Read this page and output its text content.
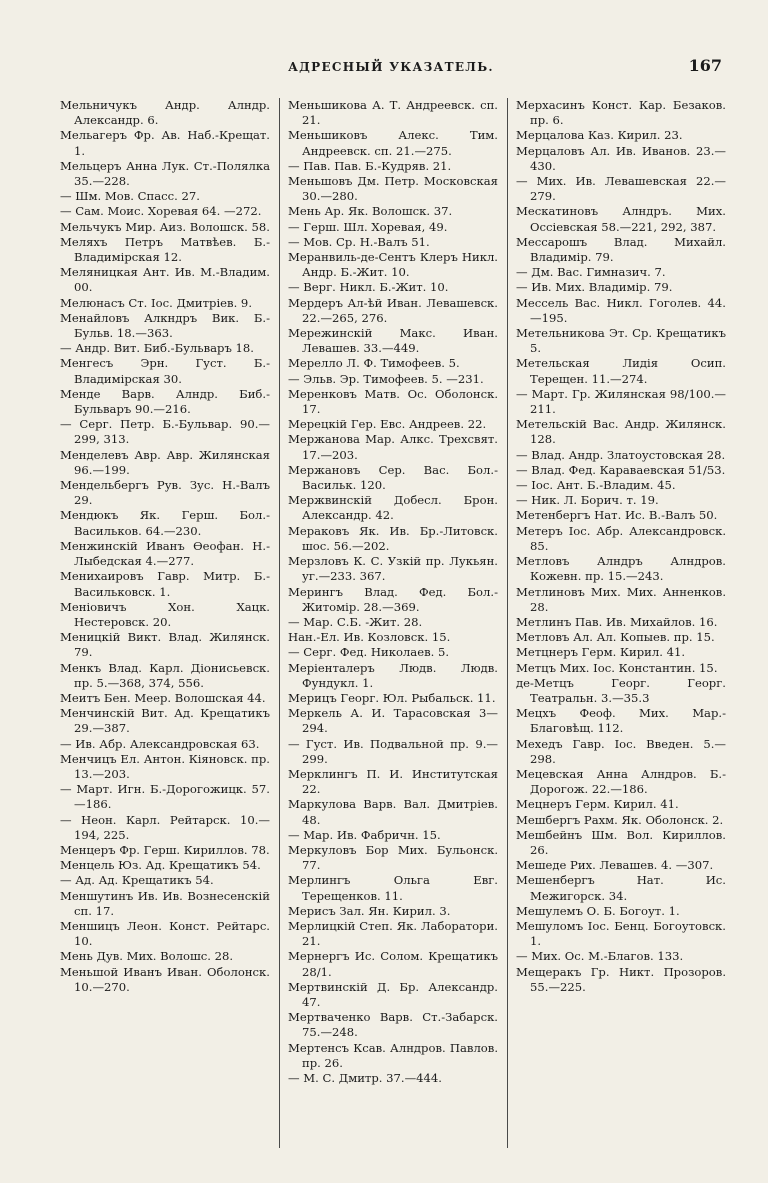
АДРЕСНЫЙ УКАЗАТЕЛЬ.	167

Мельничукъ Андр. Алндр. Александр. 6.

Мельагеръ Фр. Ав. Наб.-Крещат. 1.

Мельцеръ Анна Лук. Ст.-Полялка 35.—228.

— Шм. Мов. Спасс. 27.

— Сам. Моис. Хоревая 64. —272.

Мельчукъ Мир. Аиз. Волошск. 58.

Меляхъ Петръ Матвѣев. Б.-Владимірская 12.

Меляницкая Ант. Ив. М.-Владим. 00.

Мелюнасъ Ст. Іос. Дмитріев. 9.

Менайловъ Алкндръ Вик. Б.-Бульв. 18.—363.

— Андр. Вит. Биб.-Бульваръ 18.

Менгесъ Эрн. Густ. Б.-Владимірская 30.

Менде Варв. Алндр. Биб.-Бульваръ 90.—216.

— Серг. Петр. Б.-Бульвар. 90.—299, 313.

Менделевъ Авр. Авр. Жилянская 96.—199.

Мендельбергъ Рув. Зус. Н.-Валъ 29.

Мендюкъ Як. Герш. Бол.-Васильков. 64.—230.

Менжинскій Иванъ Өеофан. Н.-Лыбедская 4.—277.

Менихаировъ Гавр. Митр. Б.-Васильковск. 1.

Менiовичъ Хон. Хацк. Нестеровск. 20.

Меницкій Викт. Влад. Жилянск. 79.

Менкъ Влад. Карл. Діонисьевск. пр. 5.—368, 374, 556.

Меитъ Бен. Меер. Волошская 44.

Менчинскій Вит. Ад. Крещатикъ 29.—387.

— Ив. Абр. Александровская 63.

Менчицъ Ел. Антон. Кіяновск. пр. 13.—203.

— Март. Игн. Б.-Дорогожицк. 57.—186.

— Неон. Карл. Рейтарск. 10.—194, 225.

Менцеръ Фр. Герш. Кириллов. 78.

Менцель Юз. Ад. Крещатикъ 54.

— Ад. Ад. Крещатикъ 54.

Меншутинъ Ив. Ив. Вознесенскій сп. 17.

Меншицъ Леон. Конст. Рейтарс. 10.

Мень Дув. Мих. Волошс. 28.

Меньшой Иванъ Иван. Оболонск. 10.—270.

Меньшикова А. Т. Андреевск. сп. 21.

Меньшиковъ Алекс. Тим. Андреевск. сп. 21.—275.

— Пав. Пав. Б.-Кудряв. 21.

Меньшовъ Дм. Петр. Московская 30.—280.

Мень Ар. Як. Волошск. 37.

— Герш. Шл. Хоревая, 49.

— Мов. Ср. Н.-Валъ 51.

Меранвиль-де-Сентъ Клеръ Никл. Андр. Б.-Жит. 10.

— Верг. Никл. Б.-Жит. 10.

Мердеръ Ал-ѣй Иван. Левашевск. 22.—265, 276.

Мережинскій Макс. Иван. Левашев. 33.—449.

Мерелло Л. Ф. Тимофеев. 5.

— Эльв. Эр. Тимофеев. 5. —231.

Меренковъ Матв. Ос. Оболонск. 17.

Мерецкій Гер. Евс. Андреев. 22.

Мержанова Мар. Алкс. Трехсвят. 17.—203.

Мержановъ Сер. Вас. Бол.-Васильк. 120.

Мержвинскій Добесл. Брон. Александр. 42.

Мераковъ Як. Ив. Бр.-Литовск. шос. 56.—202.

Мерзловъ К. С. Узкій пр. Лукьян. уг.—233. 367.

Мерингъ Влад. Фед. Бол.-Житомір. 28.—369.

— Мар. С.Б. -Жит. 28.

Нан.-Ел. Ив. Козловск. 15.

— Серг. Фед. Николаев. 5.

Меріенталеръ Людв. Людв. Фундукл. 1.

Мерицъ Георг. Юл. Рыбальск. 11.

Меркель А. И. Тарасовская 3—294.

— Густ. Ив. Подвальной пр. 9.—299.

Мерклингъ П. И. Институтская 22.

Маркулова Варв. Вал. Дмитріев. 48.

— Мар. Ив. Фабричн. 15.

Меркуловъ Бор Мих. Бульонск. 77.

Мерлингъ Ольга Евг. Терещенков. 11.

Мерисъ Зал. Ян. Кирил. 3.

Мерлицкій Степ. Як. Лаборатори. 21.

Мернергъ Ис. Солом. Крещатикъ 28/1.

Мертвинскій Д. Бр. Александр. 47.

Мертваченко Варв. Ст.-Забарск. 75.—248.

Мертенсъ Ксав. Алндров. Павлов. пр. 26.

— М. С. Дмитр. 37.—444.

Мерхасинъ Конст. Кар. Безаков. пр. 6.

Мерцалова Каз. Кирил. 23.

Мерцаловъ Ал. Ив. Иванов. 23.—430.

— Мих. Ив. Левашевская 22.—279.

Мескатиновъ Алндръ. Мих. Оссіевская 58.—221, 292, 387.

Мессарошъ Влад. Михайл. Владимір. 79.

— Дм. Вас. Гимназич. 7.

— Ив. Мих. Владимір. 79.

Мессель Вас. Никл. Гоголев. 44.—195.

Метельникова Эт. Ср. Крещатикъ 5.

Метельская Лидія Осип. Терещен. 11.—274.

— Март. Гр. Жилянская 98/100.—211.

Метельскій Вас. Андр. Жилянск. 128.

— Влад. Андр. Златоустовская 28.

— Влад. Фед. Караваевская 51/53.

— Іос. Ант. Б.-Владим. 45.

— Ник. Л. Борич. т. 19.

Метенбергъ Нат. Ис. В.-Валъ 50.

Метеръ Іос. Абр. Александровск. 85.

Метловъ Алндръ Алндров. Кожевн. пр. 15.—243.

Метлиновъ Мих. Мих. Анненков. 28.

Метлинъ Пав. Ив. Михайлов. 16.

Метловъ Ал. Ал. Копыев. пр. 15.

Метцнеръ Герм. Кирил. 41.

Метцъ Мих. Іос. Константин. 15.

де-Метцъ Георг. Георг. Театральн. 3.—35.3

Мецхъ Феоф. Мих. Мар.-Благовѣщ. 112.

Мехедъ Гавр. Іос. Введен. 5.—298.

Мецевская Анна Алндров. Б.-Дорогож. 22.—186.

Мецнеръ Герм. Кирил. 41.

Мешбергъ Рахм. Як. Оболонск. 2.

Мешбейнъ Шм. Вол. Кириллов. 26.

Мешеде Рих. Левашев. 4. —307.

Мешенбергъ Нат. Ис. Межигорск. 34.

Мешулемъ О. Б. Богоут. 1.

Мешуломъ Іос. Бенц. Богоутовск. 1.

— Мих. Ос. М.-Благов. 133.

Мещеракъ Гр. Никт. Прозоров. 55.—225.
